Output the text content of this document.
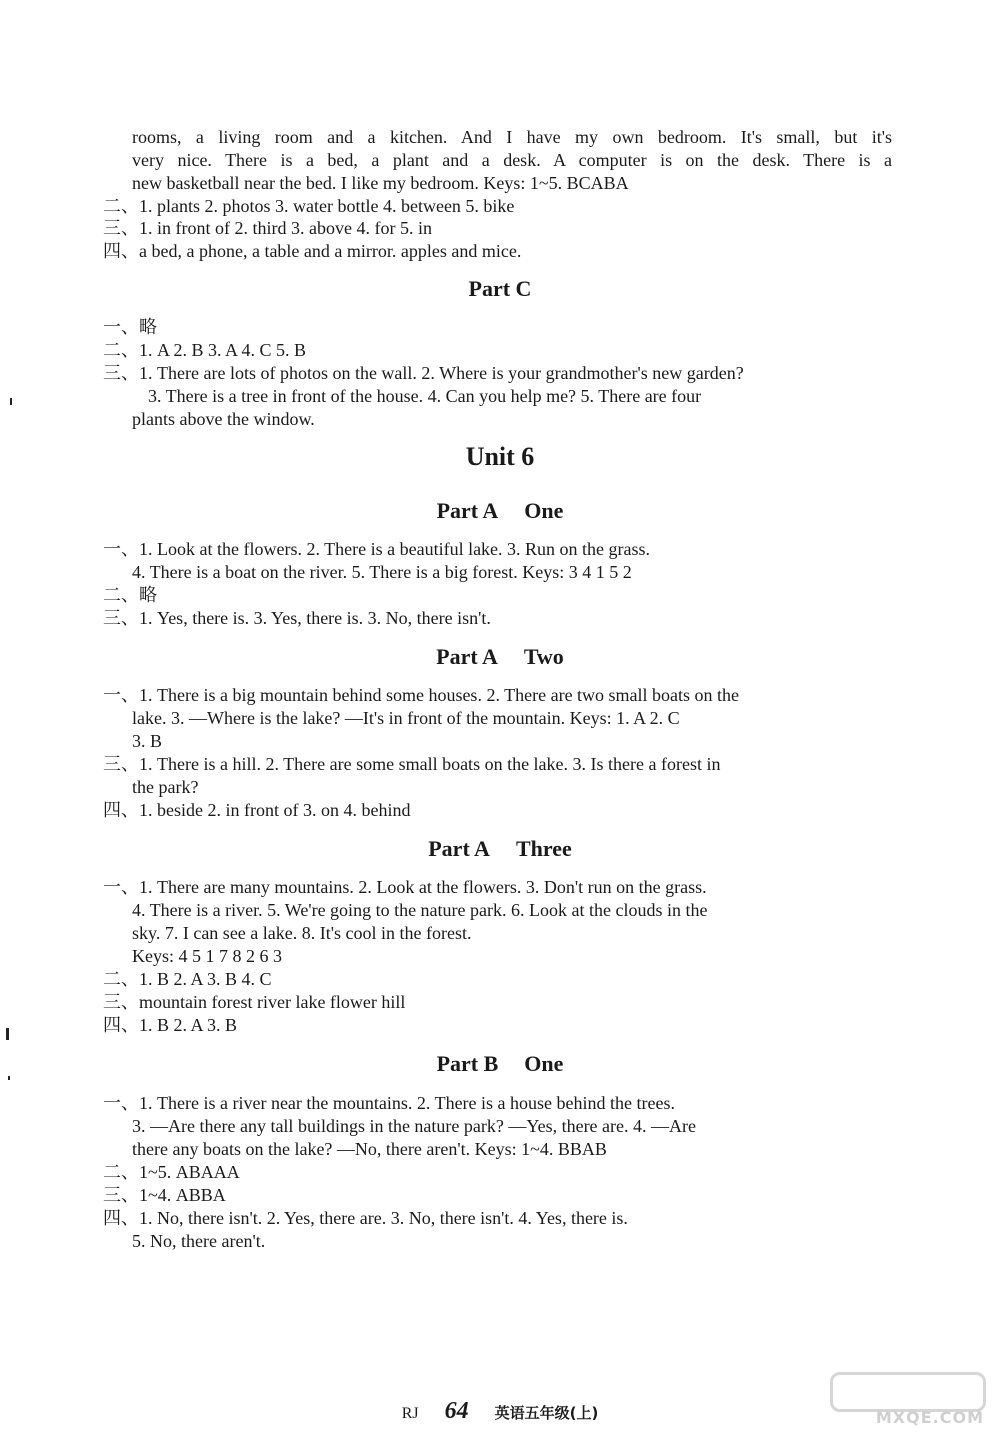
rooms, a living room and a kitchen. And I have my own bedroom. It's small, but it's
very nice. There is a bed, a plant and a desk. A computer is on the desk. There is a
new basketball near the bed. I like my bedroom. Keys: 1~5. BCABA
二、1. plants 2. photos 3. water bottle 4. between 5. bike
三、1. in front of 2. third 3. above 4. for 5. in
四、a bed, a phone, a table and a mirror. apples and mice.
Part C
一、略
二、1. A 2. B 3. A 4. C 5. B
三、1. There are lots of photos on the wall. 2. Where is your grandmother's new garden?
3. There is a tree in front of the house. 4. Can you help me? 5. There are four
plants above the window.
Unit 6
Part A One
一、1. Look at the flowers. 2. There is a beautiful lake. 3. Run on the grass.
4. There is a boat on the river. 5. There is a big forest. Keys: 3 4 1 5 2
二、略
三、1. Yes, there is. 3. Yes, there is. 3. No, there isn't.
Part A Two
一、1. There is a big mountain behind some houses. 2. There are two small boats on the
lake. 3. —Where is the lake? —It's in front of the mountain. Keys: 1. A 2. C
3. B
三、1. There is a hill. 2. There are some small boats on the lake. 3. Is there a forest in
the park?
四、1. beside 2. in front of 3. on 4. behind
Part A Three
一、1. There are many mountains. 2. Look at the flowers. 3. Don't run on the grass.
4. There is a river. 5. We're going to the nature park. 6. Look at the clouds in the
sky. 7. I can see a lake. 8. It's cool in the forest.
Keys: 4 5 1 7 8 2 6 3
二、1. B 2. A 3. B 4. C
三、mountain forest river lake flower hill
四、1. B 2. A 3. B
Part B One
一、1. There is a river near the mountains. 2. There is a house behind the trees.
3. —Are there any tall buildings in the nature park? —Yes, there are. 4. —Are
there any boats on the lake? —No, there aren't. Keys: 1~4. BBAB
二、1~5. ABAAA
三、1~4. ABBA
四、1. No, there isn't. 2. Yes, there are. 3. No, there isn't. 4. Yes, there is.
5. No, there aren't.
RJ 64 英语五年级(上)	MXQE.COM
